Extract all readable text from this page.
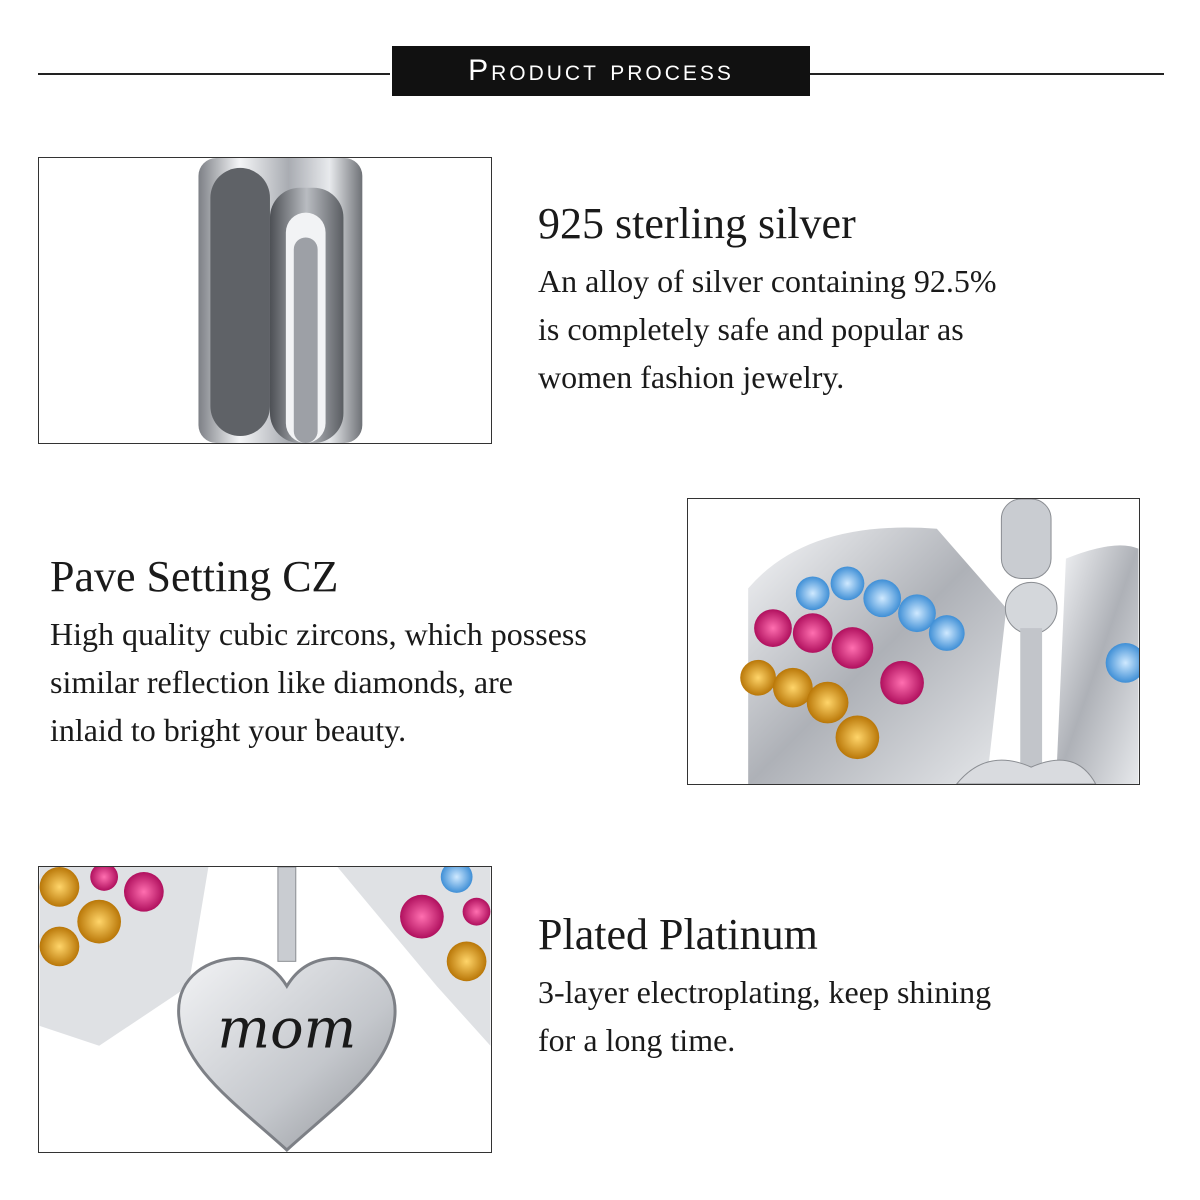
Product process
925 sterling silver

An alloy of silver containing 92.5%
is completely safe and popular as
women fashion jewelry.

Pave Setting CZ

High quality cubic zircons, which possess
similar reflection like diamonds, are
inlaid to bright your beauty.

mom
Plated Platinum

3-layer electroplating, keep shining
for a long time.
